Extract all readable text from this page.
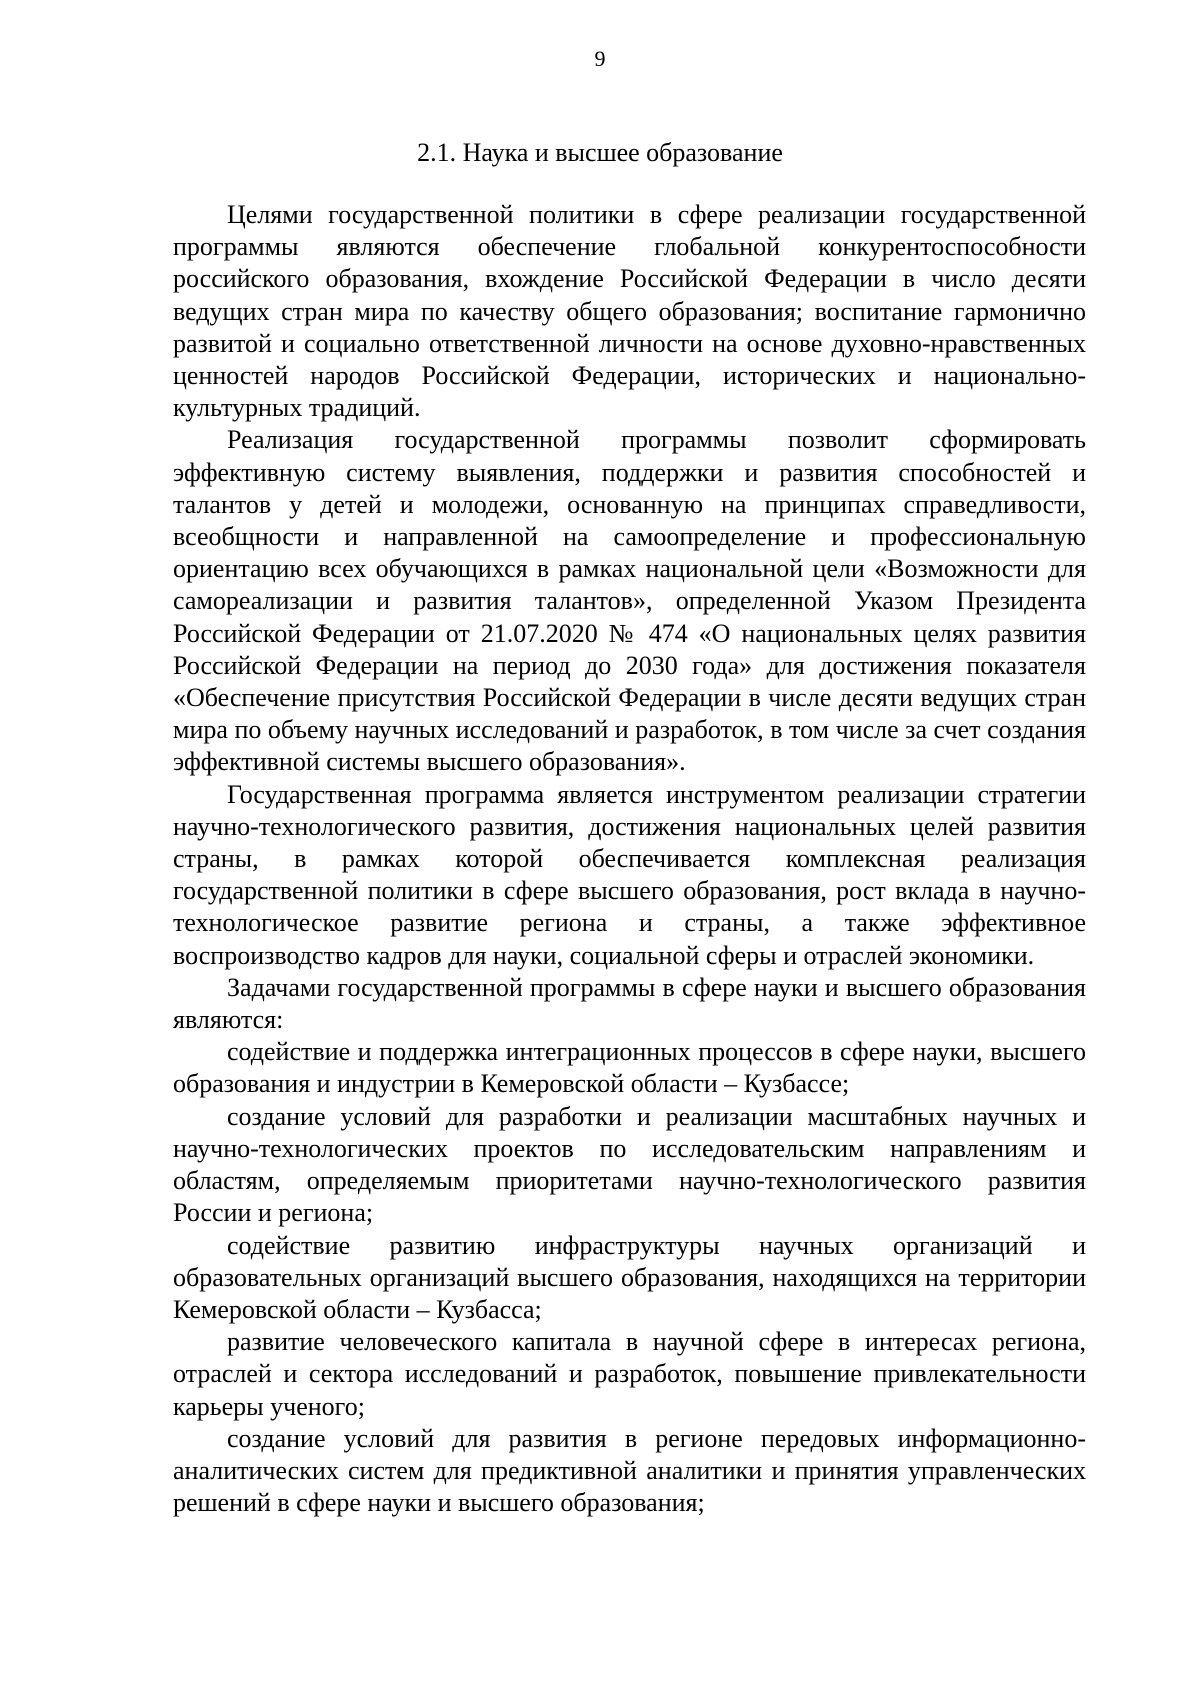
9
2.1. Наука и высшее образование

Целями государственной политики в сфере реализации государственной программы являются обеспечение глобальной конкурентоспособности российского образования, вхождение Российской Федерации в число десяти ведущих стран мира по качеству общего образования; воспитание гармонично развитой и социально ответственной личности на основе духовно-нравственных ценностей народов Российской Федерации, исторических и национально-культурных традиций.

Реализация государственной программы позволит сформировать эффективную систему выявления, поддержки и развития способностей и талантов у детей и молодежи, основанную на принципах справедливости, всеобщности и направленной на самоопределение и профессиональную ориентацию всех обучающихся в рамках национальной цели «Возможности для самореализации и развития талантов», определенной Указом Президента Российской Федерации от 21.07.2020 № 474 «О национальных целях развития Российской Федерации на период до 2030 года» для достижения показателя «Обеспечение присутствия Российской Федерации в числе десяти ведущих стран мира по объему научных исследований и разработок, в том числе за счет создания эффективной системы высшего образования».

Государственная программа является инструментом реализации стратегии научно-технологического развития, достижения национальных целей развития страны, в рамках которой обеспечивается комплексная реализация государственной политики в сфере высшего образования, рост вклада в научно-технологическое развитие региона и страны, а также эффективное воспроизводство кадров для науки, социальной сферы и отраслей экономики.

Задачами государственной программы в сфере науки и высшего образования являются:

содействие и поддержка интеграционных процессов в сфере науки, высшего образования и индустрии в Кемеровской области – Кузбассе;

создание условий для разработки и реализации масштабных научных и научно-технологических проектов по исследовательским направлениям и областям, определяемым приоритетами научно-технологического развития России и региона;

содействие развитию инфраструктуры научных организаций и образовательных организаций высшего образования, находящихся на территории Кемеровской области – Кузбасса;

развитие человеческого капитала в научной сфере в интересах региона, отраслей и сектора исследований и разработок, повышение привлекательности карьеры ученого;

создание условий для развития в регионе передовых информационно-аналитических систем для предиктивной аналитики и принятия управленческих решений в сфере науки и высшего образования;
